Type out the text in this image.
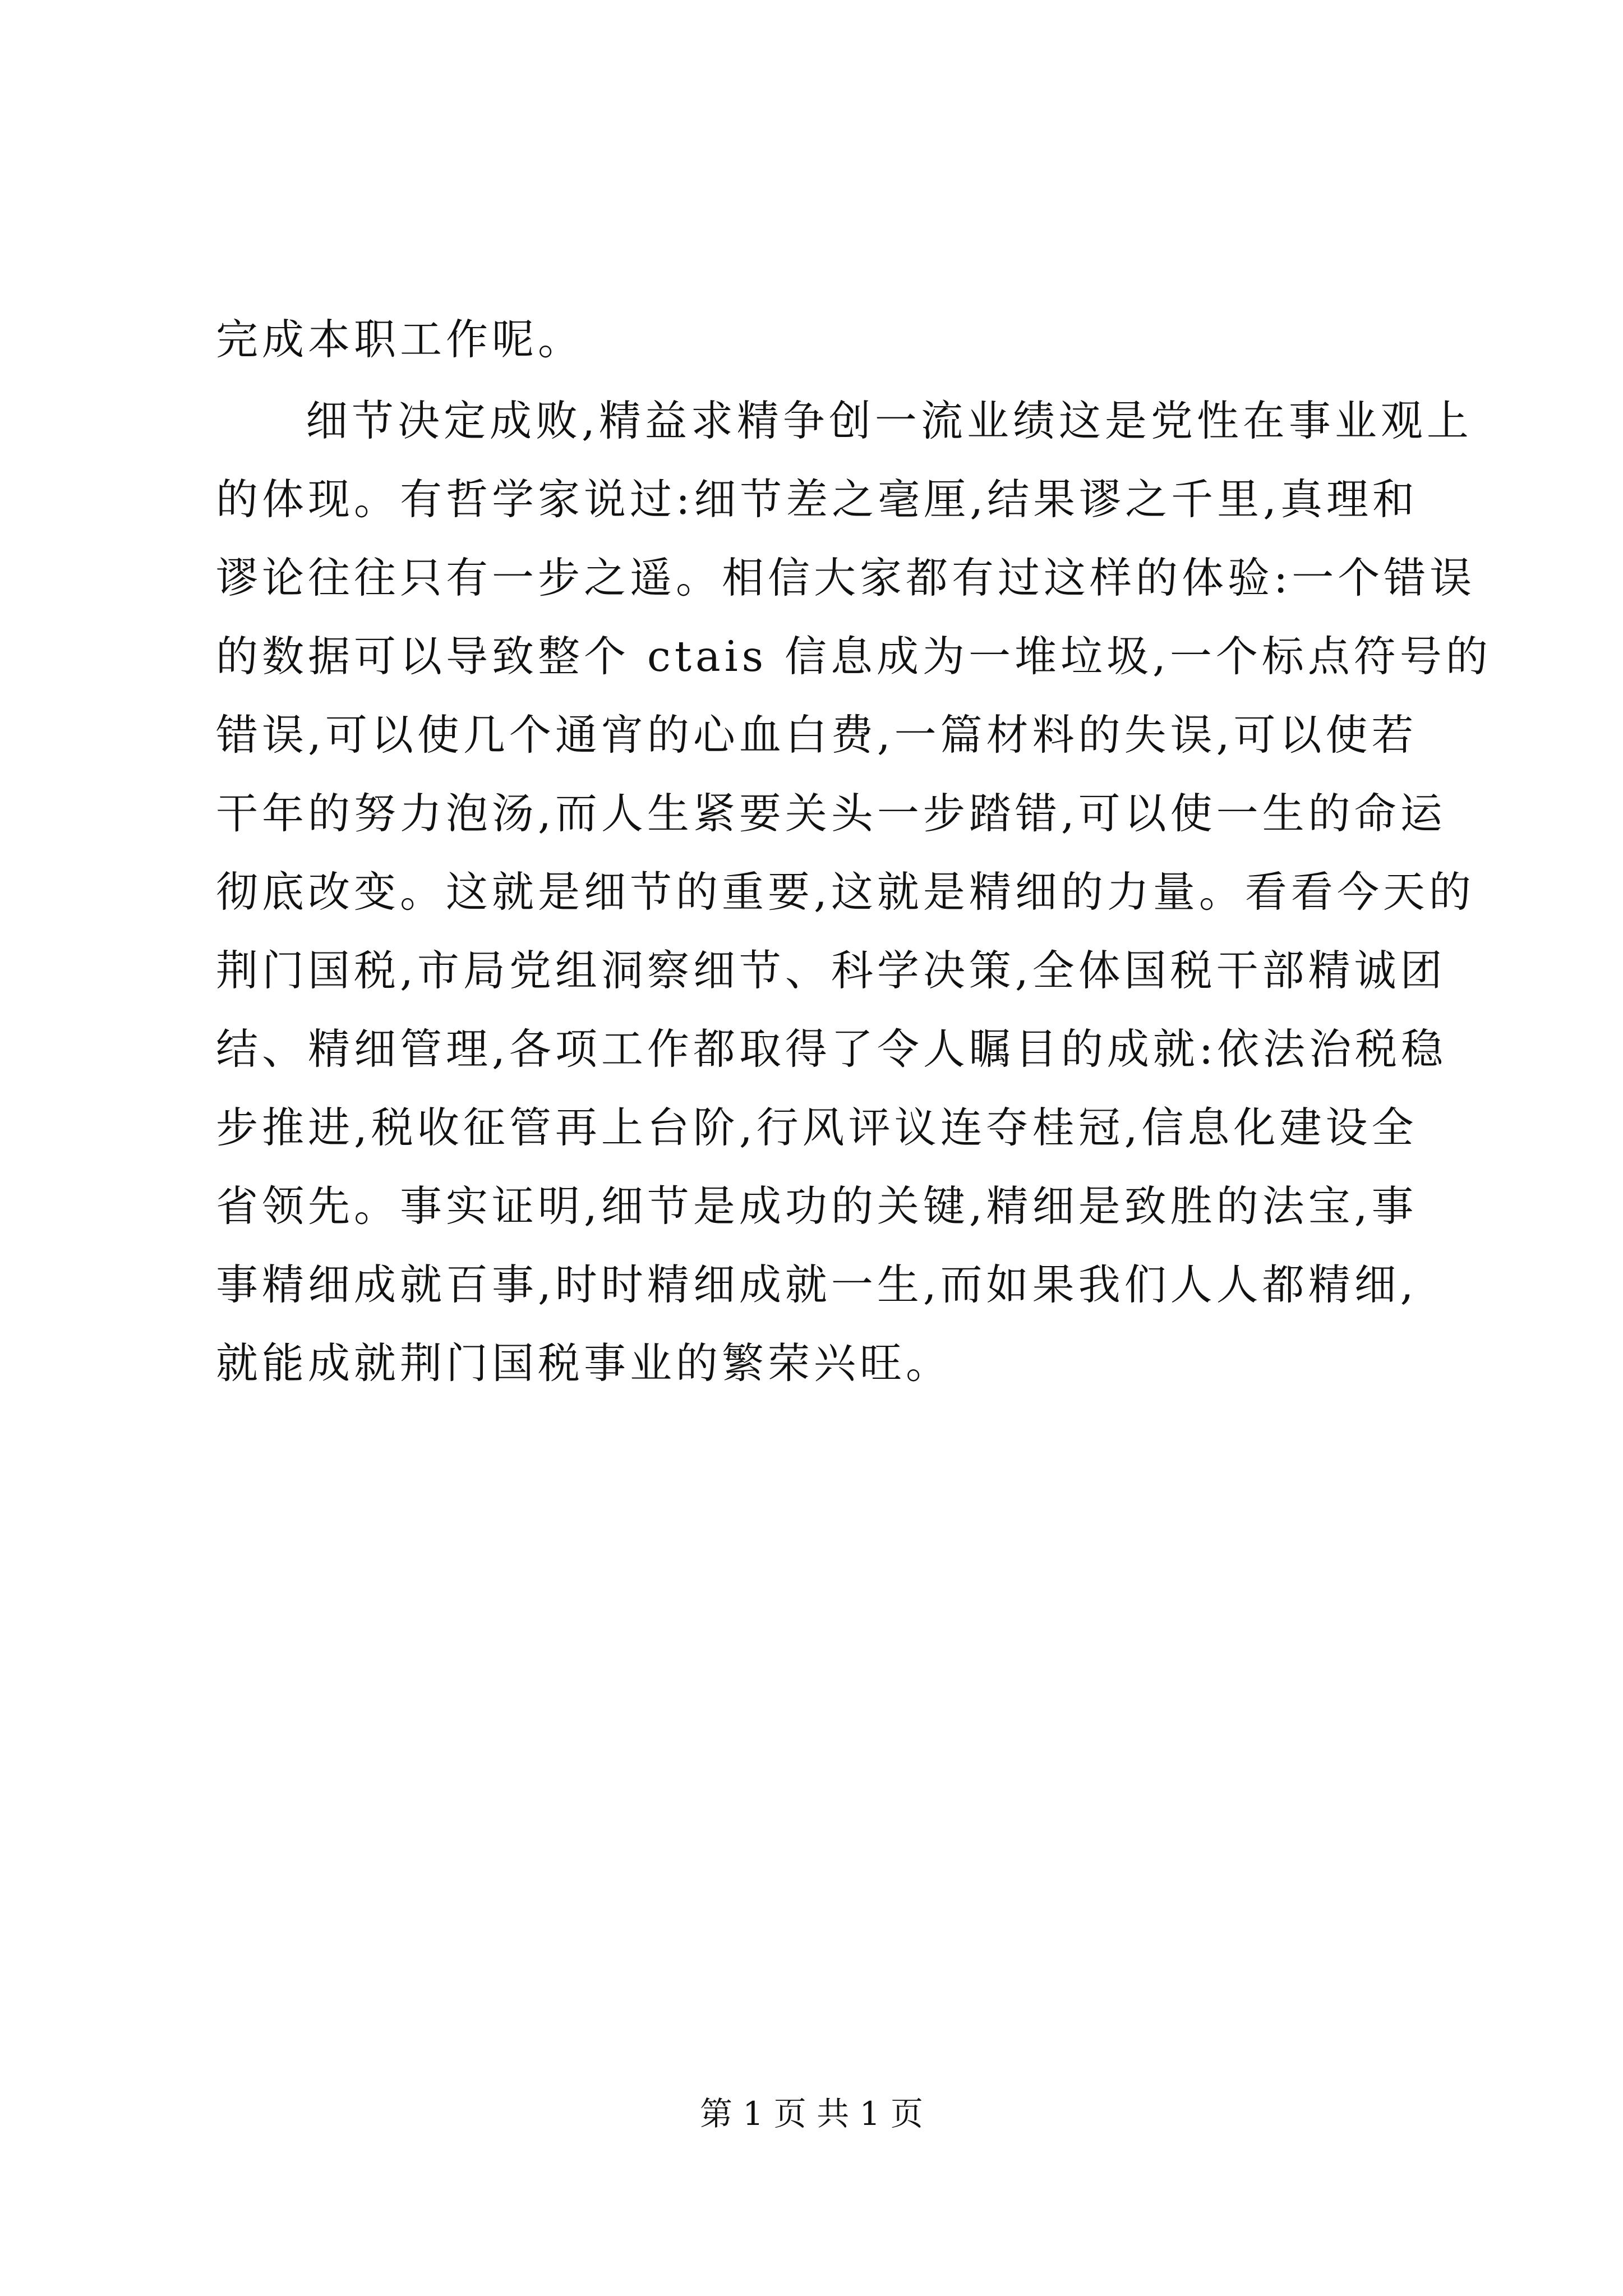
完成本职工作呢。
细节决定成败,精益求精争创一流业绩这是党性在事业观上
的体现。有哲学家说过:细节差之毫厘,结果谬之千里,真理和
谬论往往只有一步之遥。相信大家都有过这样的体验:一个错误
的数据可以导致整个 ctais 信息成为一堆垃圾,一个标点符号的
错误,可以使几个通宵的心血白费,一篇材料的失误,可以使若
干年的努力泡汤,而人生紧要关头一步踏错,可以使一生的命运
彻底改变。这就是细节的重要,这就是精细的力量。看看今天的
荆门国税,市局党组洞察细节、科学决策,全体国税干部精诚团
结、精细管理,各项工作都取得了令人瞩目的成就:依法治税稳
步推进,税收征管再上台阶,行风评议连夺桂冠,信息化建设全
省领先。事实证明,细节是成功的关键,精细是致胜的法宝,事
事精细成就百事,时时精细成就一生,而如果我们人人都精细,
就能成就荆门国税事业的繁荣兴旺。
第 1 页 共 1 页
